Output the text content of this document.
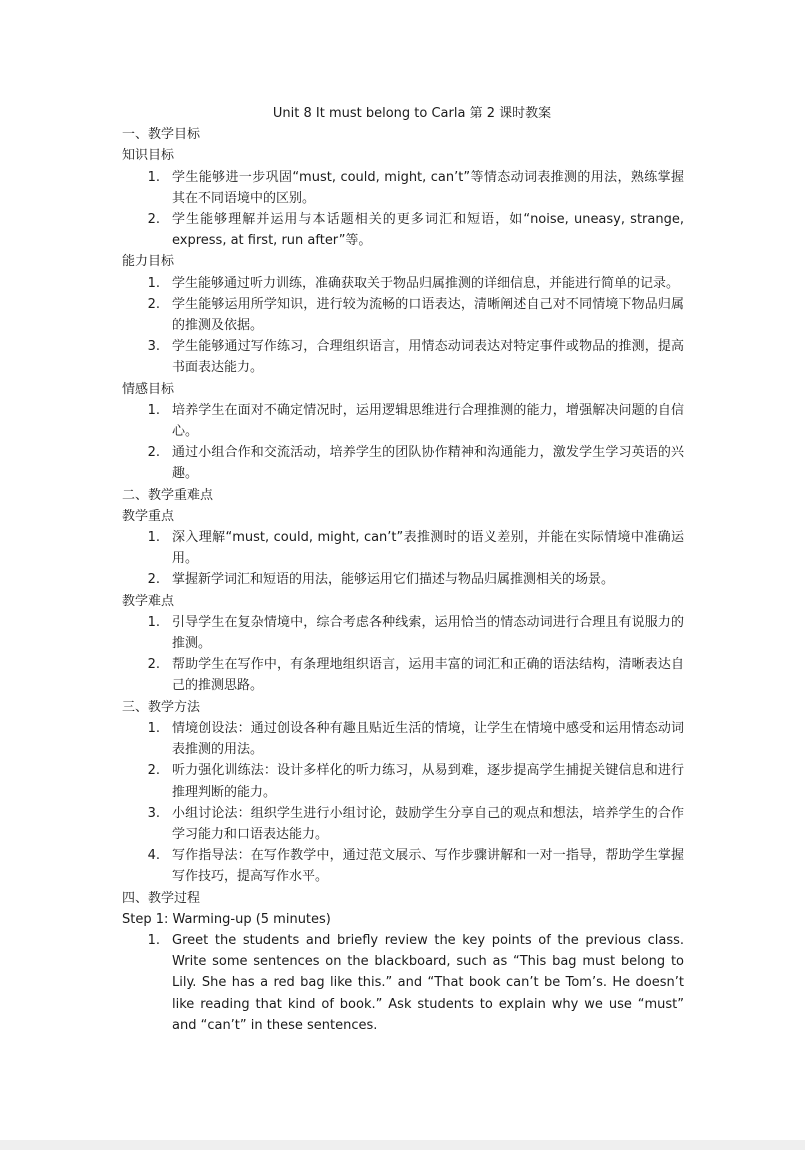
Unit 8 It must belong to Carla 第 2 课时教案
一、教学目标
知识目标
1. 学生能够进一步巩固“must, could, might, can’t”等情态动词表推测的用法，熟练掌握其在不同语境中的区别。
2. 学生能够理解并运用与本话题相关的更多词汇和短语，如“noise, uneasy, strange, express, at first, run after”等。
能力目标
1. 学生能够通过听力训练，准确获取关于物品归属推测的详细信息，并能进行简单的记录。
2. 学生能够运用所学知识，进行较为流畅的口语表达，清晰阐述自己对不同情境下物品归属的推测及依据。
3. 学生能够通过写作练习，合理组织语言，用情态动词表达对特定事件或物品的推测，提高书面表达能力。
情感目标
1. 培养学生在面对不确定情况时，运用逻辑思维进行合理推测的能力，增强解决问题的自信心。
2. 通过小组合作和交流活动，培养学生的团队协作精神和沟通能力，激发学生学习英语的兴趣。
二、教学重难点
教学重点
1. 深入理解“must, could, might, can’t”表推测时的语义差别，并能在实际情境中准确运用。
2. 掌握新学词汇和短语的用法，能够运用它们描述与物品归属推测相关的场景。
教学难点
1. 引导学生在复杂情境中，综合考虑各种线索，运用恰当的情态动词进行合理且有说服力的推测。
2. 帮助学生在写作中，有条理地组织语言，运用丰富的词汇和正确的语法结构，清晰表达自己的推测思路。
三、教学方法
1. 情境创设法：通过创设各种有趣且贴近生活的情境，让学生在情境中感受和运用情态动词表推测的用法。
2. 听力强化训练法：设计多样化的听力练习，从易到难，逐步提高学生捕捉关键信息和进行推理判断的能力。
3. 小组讨论法：组织学生进行小组讨论，鼓励学生分享自己的观点和想法，培养学生的合作学习能力和口语表达能力。
4. 写作指导法：在写作教学中，通过范文展示、写作步骤讲解和一对一指导，帮助学生掌握写作技巧，提高写作水平。
四、教学过程
Step 1: Warming-up (5 minutes)
1. Greet the students and briefly review the key points of the previous class. Write some sentences on the blackboard, such as “This bag must belong to Lily. She has a red bag like this.” and “That book can’t be Tom’s. He doesn’t like reading that kind of book.” Ask students to explain why we use “must” and “can’t” in these sentences.
